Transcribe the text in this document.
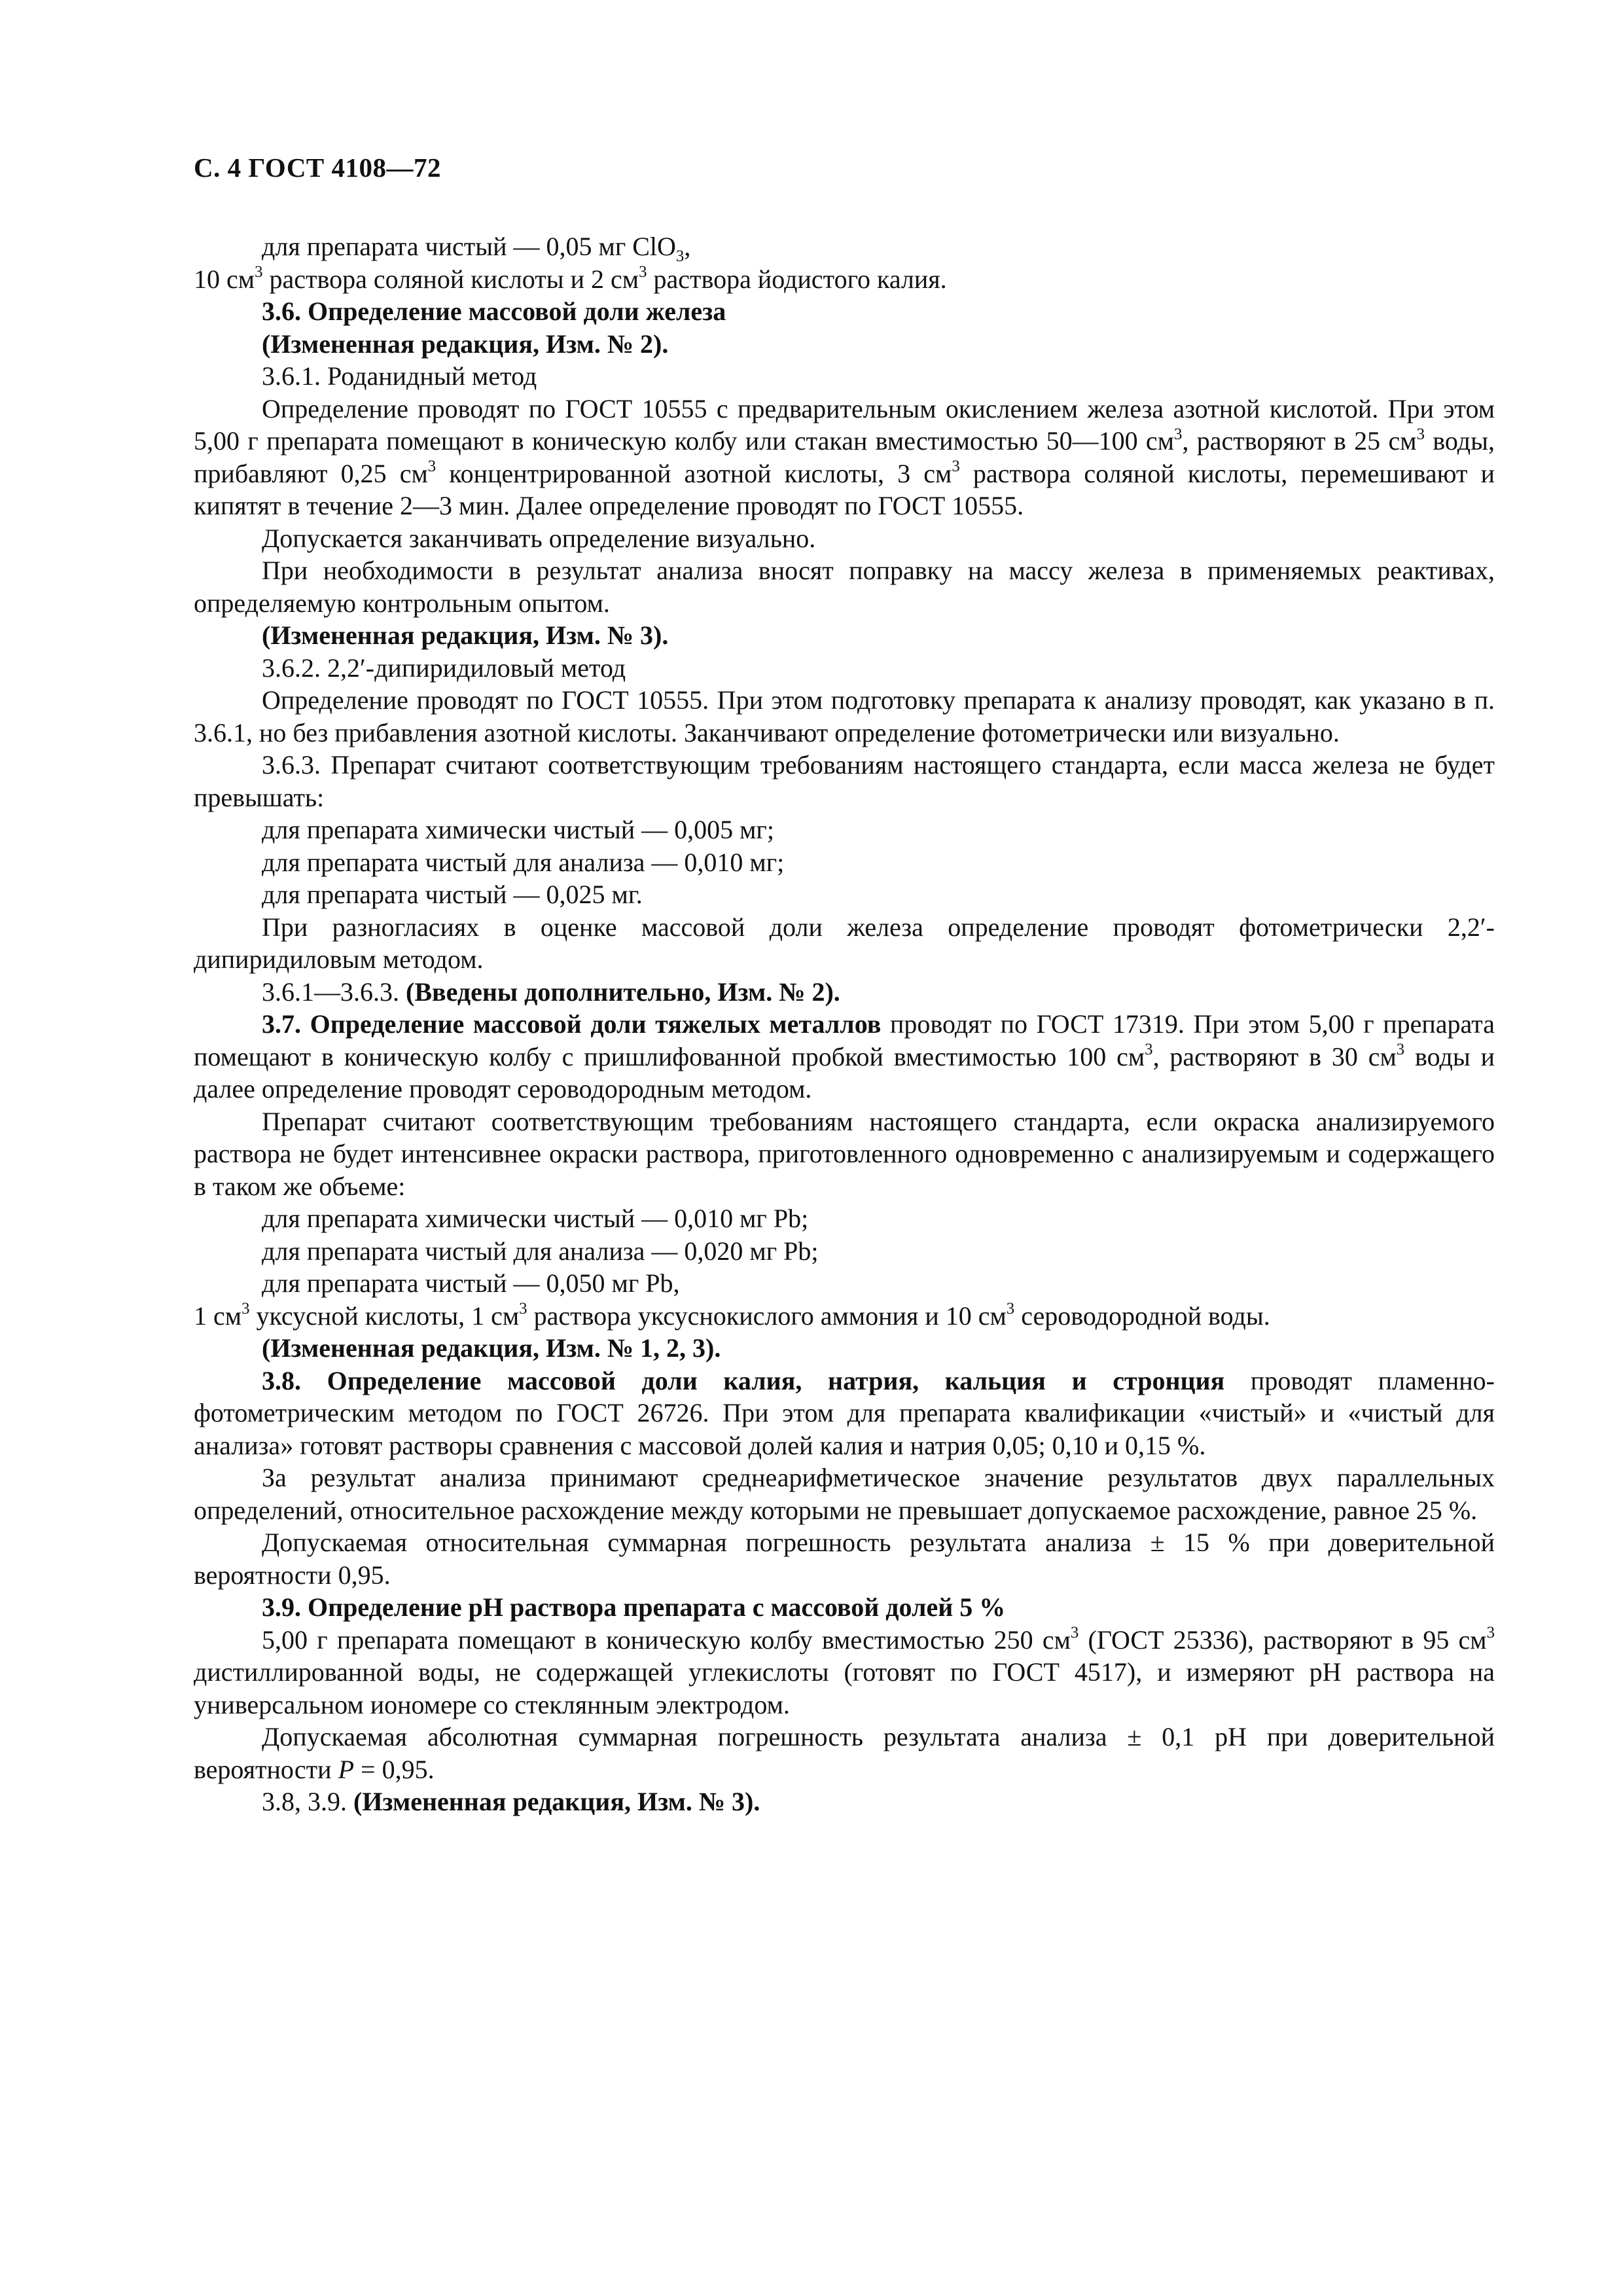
С. 4 ГОСТ 4108—72

для препарата чистый — 0,05 мг ClO$_3$,

10 $см^3$ раствора соляной кислоты и 2 $см^3$ раствора йодистого калия.

3.6. Определение массовой доли железа

(Измененная редакция, Изм. № 2).

3.6.1. Роданидный метод

Определение проводят по ГОСТ 10555 с предварительным окислением железа азотной кислотой. При этом 5,00 г препарата помещают в коническую колбу или стакан вместимостью 50—100 $см^3$, растворяют в 25 $см^3$ воды, прибавляют 0,25 $см^3$ концентрированной азотной кислоты, 3 $см^3$ раствора соляной кислоты, перемешивают и кипятят в течение 2—3 мин. Далее определение проводят по ГОСТ 10555.

Допускается заканчивать определение визуально.

При необходимости в результат анализа вносят поправку на массу железа в применяемых реактивах, определяемую контрольным опытом.

(Измененная редакция, Изм. № 3).

3.6.2. 2,2′-дипиридиловый метод

Определение проводят по ГОСТ 10555. При этом подготовку препарата к анализу проводят, как указано в п. 3.6.1, но без прибавления азотной кислоты. Заканчивают определение фотометрически или визуально.

3.6.3. Препарат считают соответствующим требованиям настоящего стандарта, если масса железа не будет превышать:

для препарата химически чистый — 0,005 мг;

для препарата чистый для анализа — 0,010 мг;

для препарата чистый — 0,025 мг.

При разногласиях в оценке массовой доли железа определение проводят фотометрически 2,2′-дипиридиловым методом.

3.6.1—3.6.3. (Введены дополнительно, Изм. № 2).

3.7. Определение массовой доли тяжелых металлов проводят по ГОСТ 17319. При этом 5,00 г препарата помещают в коническую колбу с пришлифованной пробкой вместимостью 100 $см^3$, растворяют в 30 $см^3$ воды и далее определение проводят сероводородным методом.

Препарат считают соответствующим требованиям настоящего стандарта, если окраска анализируемого раствора не будет интенсивнее окраски раствора, приготовленного одновременно с анализируемым и содержащего в таком же объеме:

для препарата химически чистый — 0,010 мг Pb;

для препарата чистый для анализа — 0,020 мг Pb;

для препарата чистый — 0,050 мг Pb,

1 $см^3$ уксусной кислоты, 1 $см^3$ раствора уксуснокислого аммония и 10 $см^3$ сероводородной воды.

(Измененная редакция, Изм. № 1, 2, 3).

3.8. Определение массовой доли калия, натрия, кальция и стронция проводят пламенно-фотометрическим методом по ГОСТ 26726. При этом для препарата квалификации «чистый» и «чистый для анализа» готовят растворы сравнения с массовой долей калия и натрия 0,05; 0,10 и 0,15 %.

За результат анализа принимают среднеарифметическое значение результатов двух параллельных определений, относительное расхождение между которыми не превышает допускаемое расхождение, равное 25 %.

Допускаемая относительная суммарная погрешность результата анализа ± 15 % при доверительной вероятности 0,95.

3.9. Определение pH раствора препарата с массовой долей 5 %

5,00 г препарата помещают в коническую колбу вместимостью 250 $см^3$ (ГОСТ 25336), растворяют в 95 $см^3$ дистиллированной воды, не содержащей углекислоты (готовят по ГОСТ 4517), и измеряют pH раствора на универсальном иономере со стеклянным электродом.

Допускаемая абсолютная суммарная погрешность результата анализа ± 0,1 pH при доверительной вероятности P = 0,95.

3.8, 3.9. (Измененная редакция, Изм. № 3).
